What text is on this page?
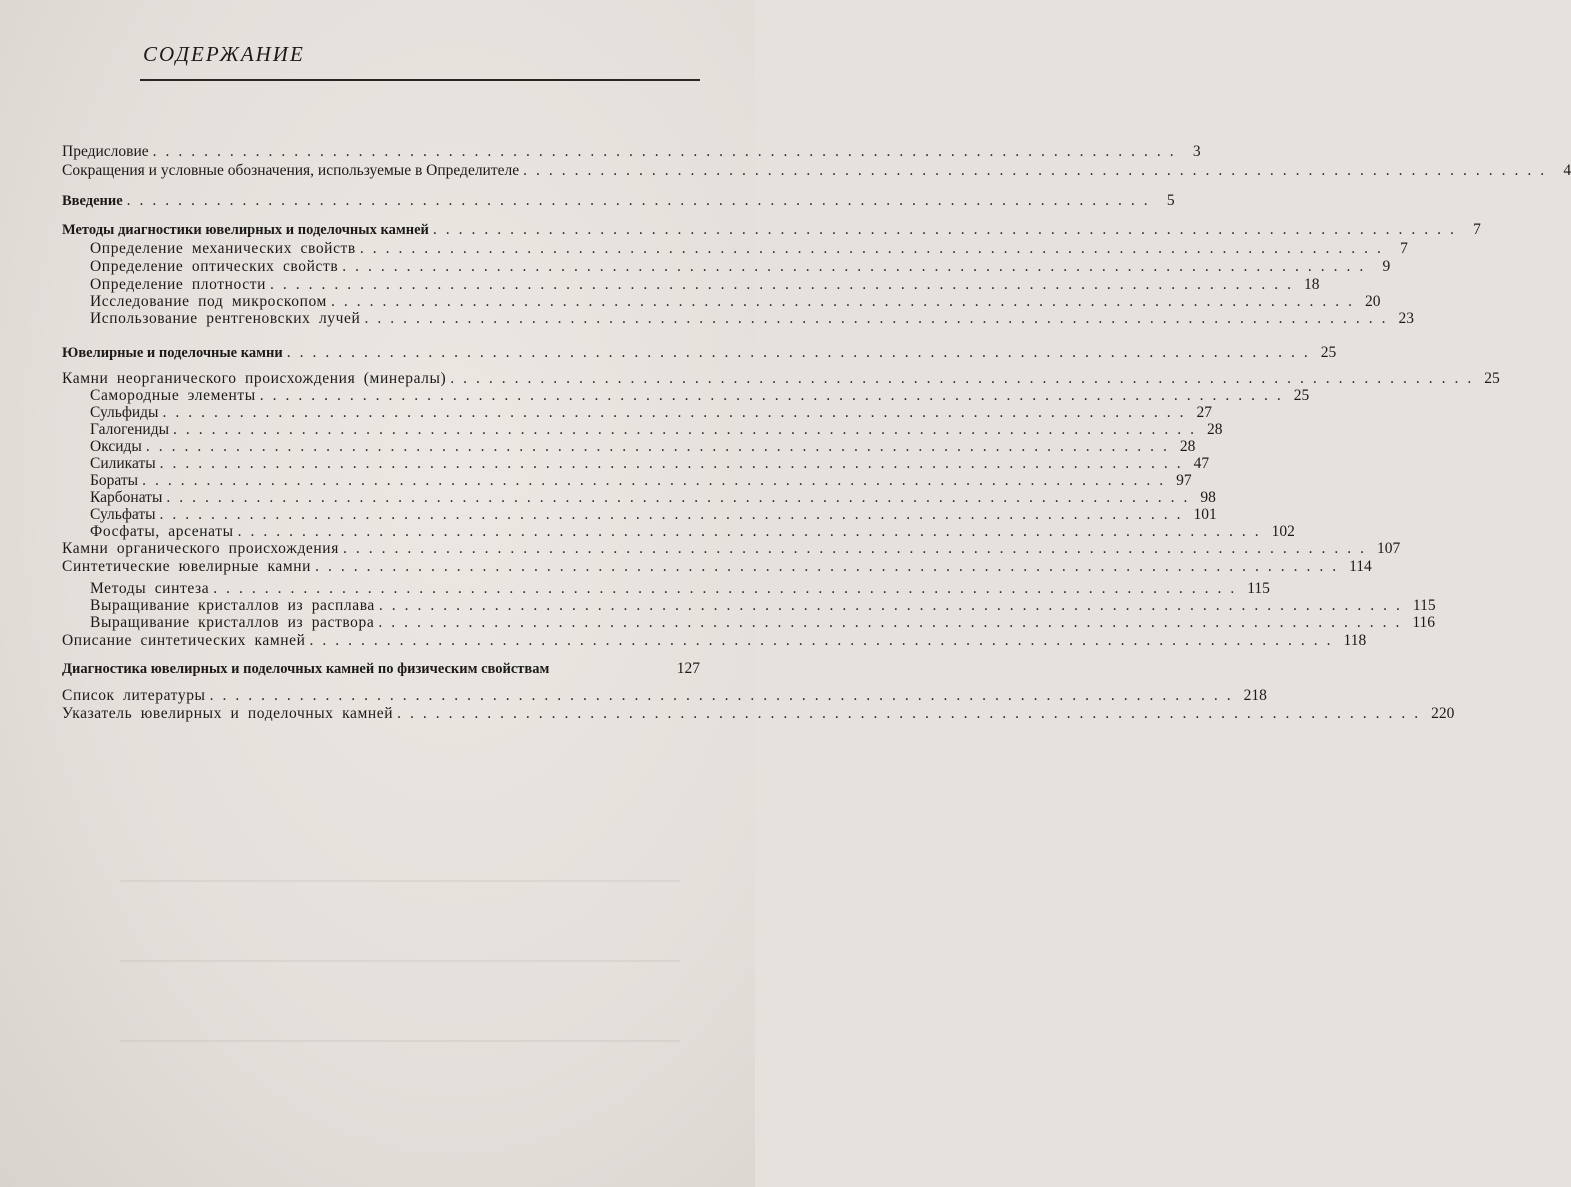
СОДЕРЖАНИЕ
Предисловие ................................................................................ 3
Сокращения и условные обозначения, используемые в Определителе ................................................................................ 4
Введение ................................................................................ 5
Методы диагностики ювелирных и поделочных камней ................................................................................ 7
Определение механических свойств ................................................................................ 7
Определение оптических свойств ................................................................................ 9
Определение плотности ................................................................................ 18
Исследование под микроскопом ................................................................................ 20
Использование рентгеновских лучей ................................................................................ 23
Ювелирные и поделочные камни ................................................................................ 25
Камни неорганического происхождения (минералы) ................................................................................ 25
Самородные элементы ................................................................................ 25
Сульфиды ................................................................................ 27
Галогениды ................................................................................ 28
Оксиды ................................................................................ 28
Силикаты ................................................................................ 47
Бораты ................................................................................ 97
Карбонаты ................................................................................ 98
Сульфаты ................................................................................ 101
Фосфаты, арсенаты ................................................................................ 102
Камни органического происхождения ................................................................................ 107
Синтетические ювелирные камни ................................................................................ 114
Методы синтеза ................................................................................ 115
Выращивание кристаллов из расплава ................................................................................ 115
Выращивание кристаллов из раствора ................................................................................ 116
Описание синтетических камней ................................................................................ 118
Диагностика ювелирных и поделочных камней по физическим свойствам	127
Список литературы ................................................................................ 218
Указатель ювелирных и поделочных камней ................................................................................ 220
